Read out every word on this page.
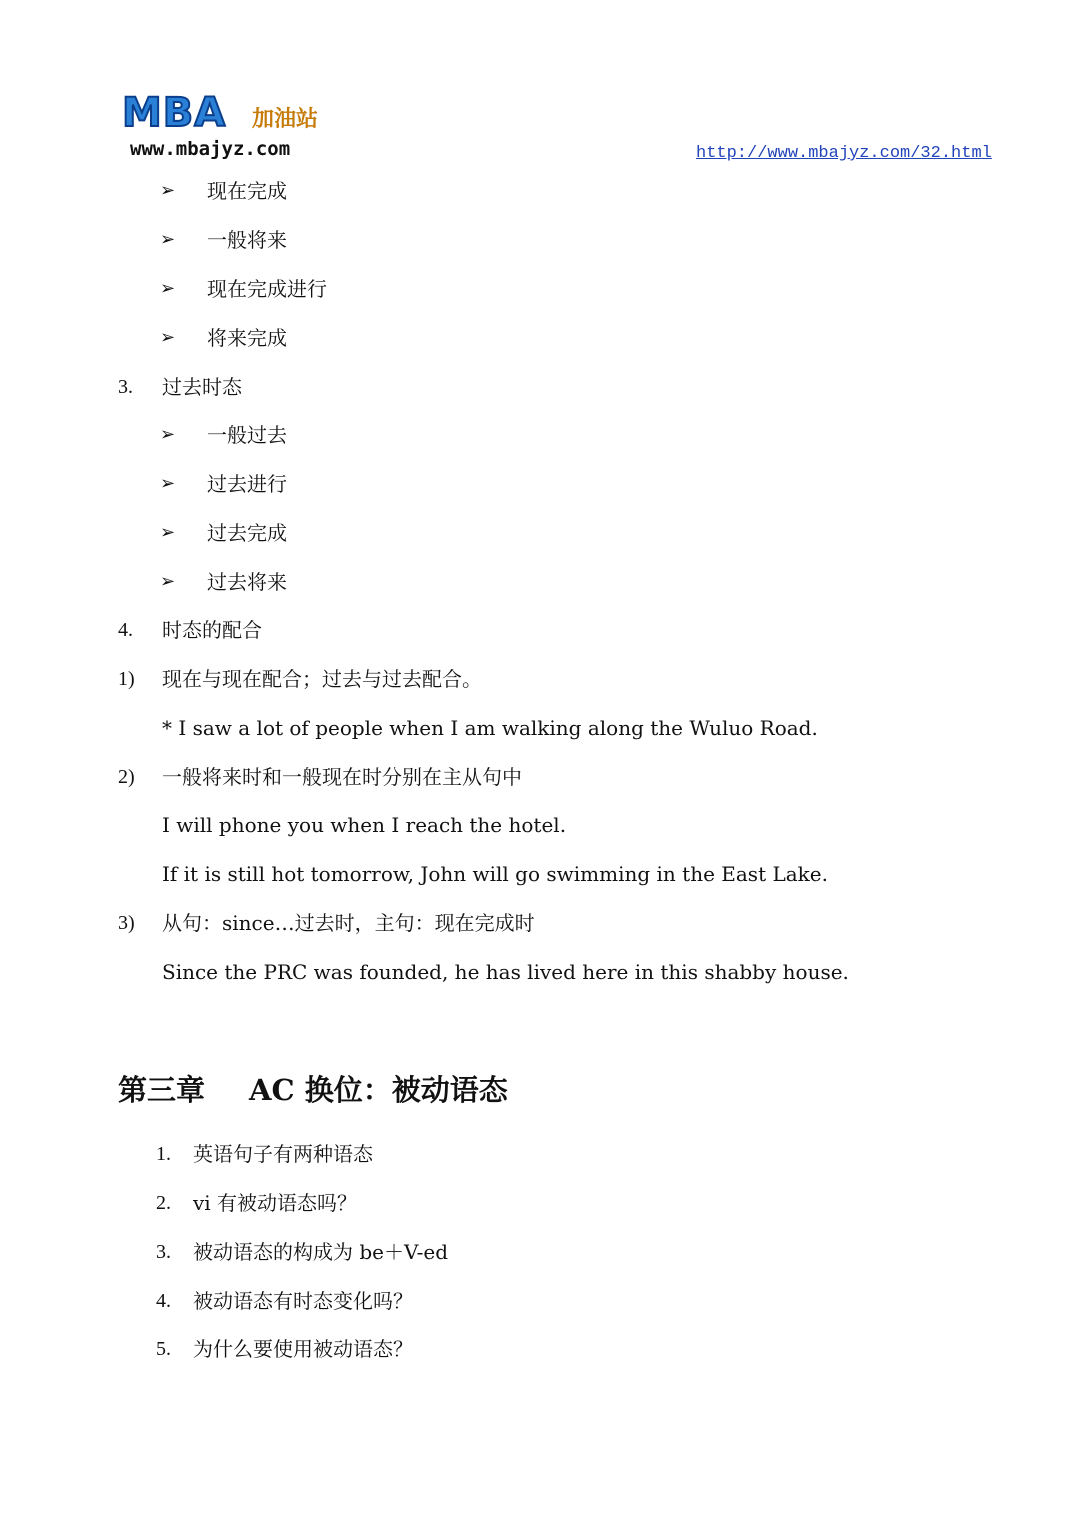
MBA 加油站
www.mbajyz.com	http://www.mbajyz.com/32.html
➢ 现在完成
➢ 一般将来
➢ 现在完成进行
➢ 将来完成
3. 过去时态
➢ 一般过去
➢ 过去进行
➢ 过去完成
➢ 过去将来
4. 时态的配合
1) 现在与现在配合；过去与过去配合。
* I saw a lot of people when I am walking along the Wuluo Road.
2) 一般将来时和一般现在时分别在主从句中
I will phone you when I reach the hotel.
If it is still hot tomorrow, John will go swimming in the East Lake.
3) 从句：since…过去时，主句：现在完成时
Since the PRC was founded, he has lived here in this shabby house.
第三章 AC 换位：被动语态
1. 英语句子有两种语态
2. vi 有被动语态吗？
3. 被动语态的构成为 be＋V-ed
4. 被动语态有时态变化吗？
5. 为什么要使用被动语态？
